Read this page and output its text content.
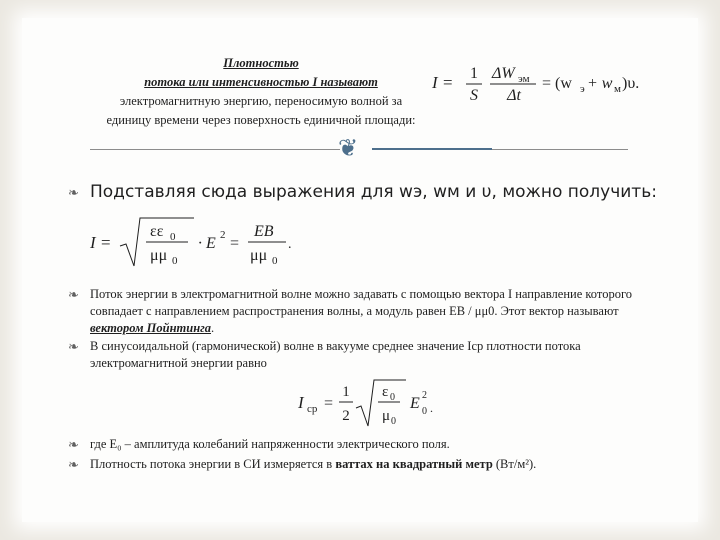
Плотностью
потока или интенсивностью I называют
электромагнитную энергию, переносимую волной за
единицу времени через поверхность единичной площади:
I = 1
S
ΔW эм
Δt
= (w э + w м )υ.
❦
❧ Подставляя сюда выражения для wэ, wм и υ, можно получить:
I =
εε 0
μμ 0
· E 2 =
EB
μμ 0
.
❧ Поток энергии в электромагнитной волне можно задавать с помощью вектора I направление которого совпадает с направлением распространения волны, а модуль равен EB / μμ0. Этот вектор называют вектором Пойнтинга.
❧ В синусоидальной (гармонической) волне в вакууме среднее значение Iср плотности потока электромагнитной энергии равно
I ср =
1
2
ε 0
μ 0
E 2
0 .
❧ где E₀ – амплитуда колебаний напряженности электрического поля.
❧ Плотность потока энергии в СИ измеряется в ваттах на квадратный метр (Вт/м²).
